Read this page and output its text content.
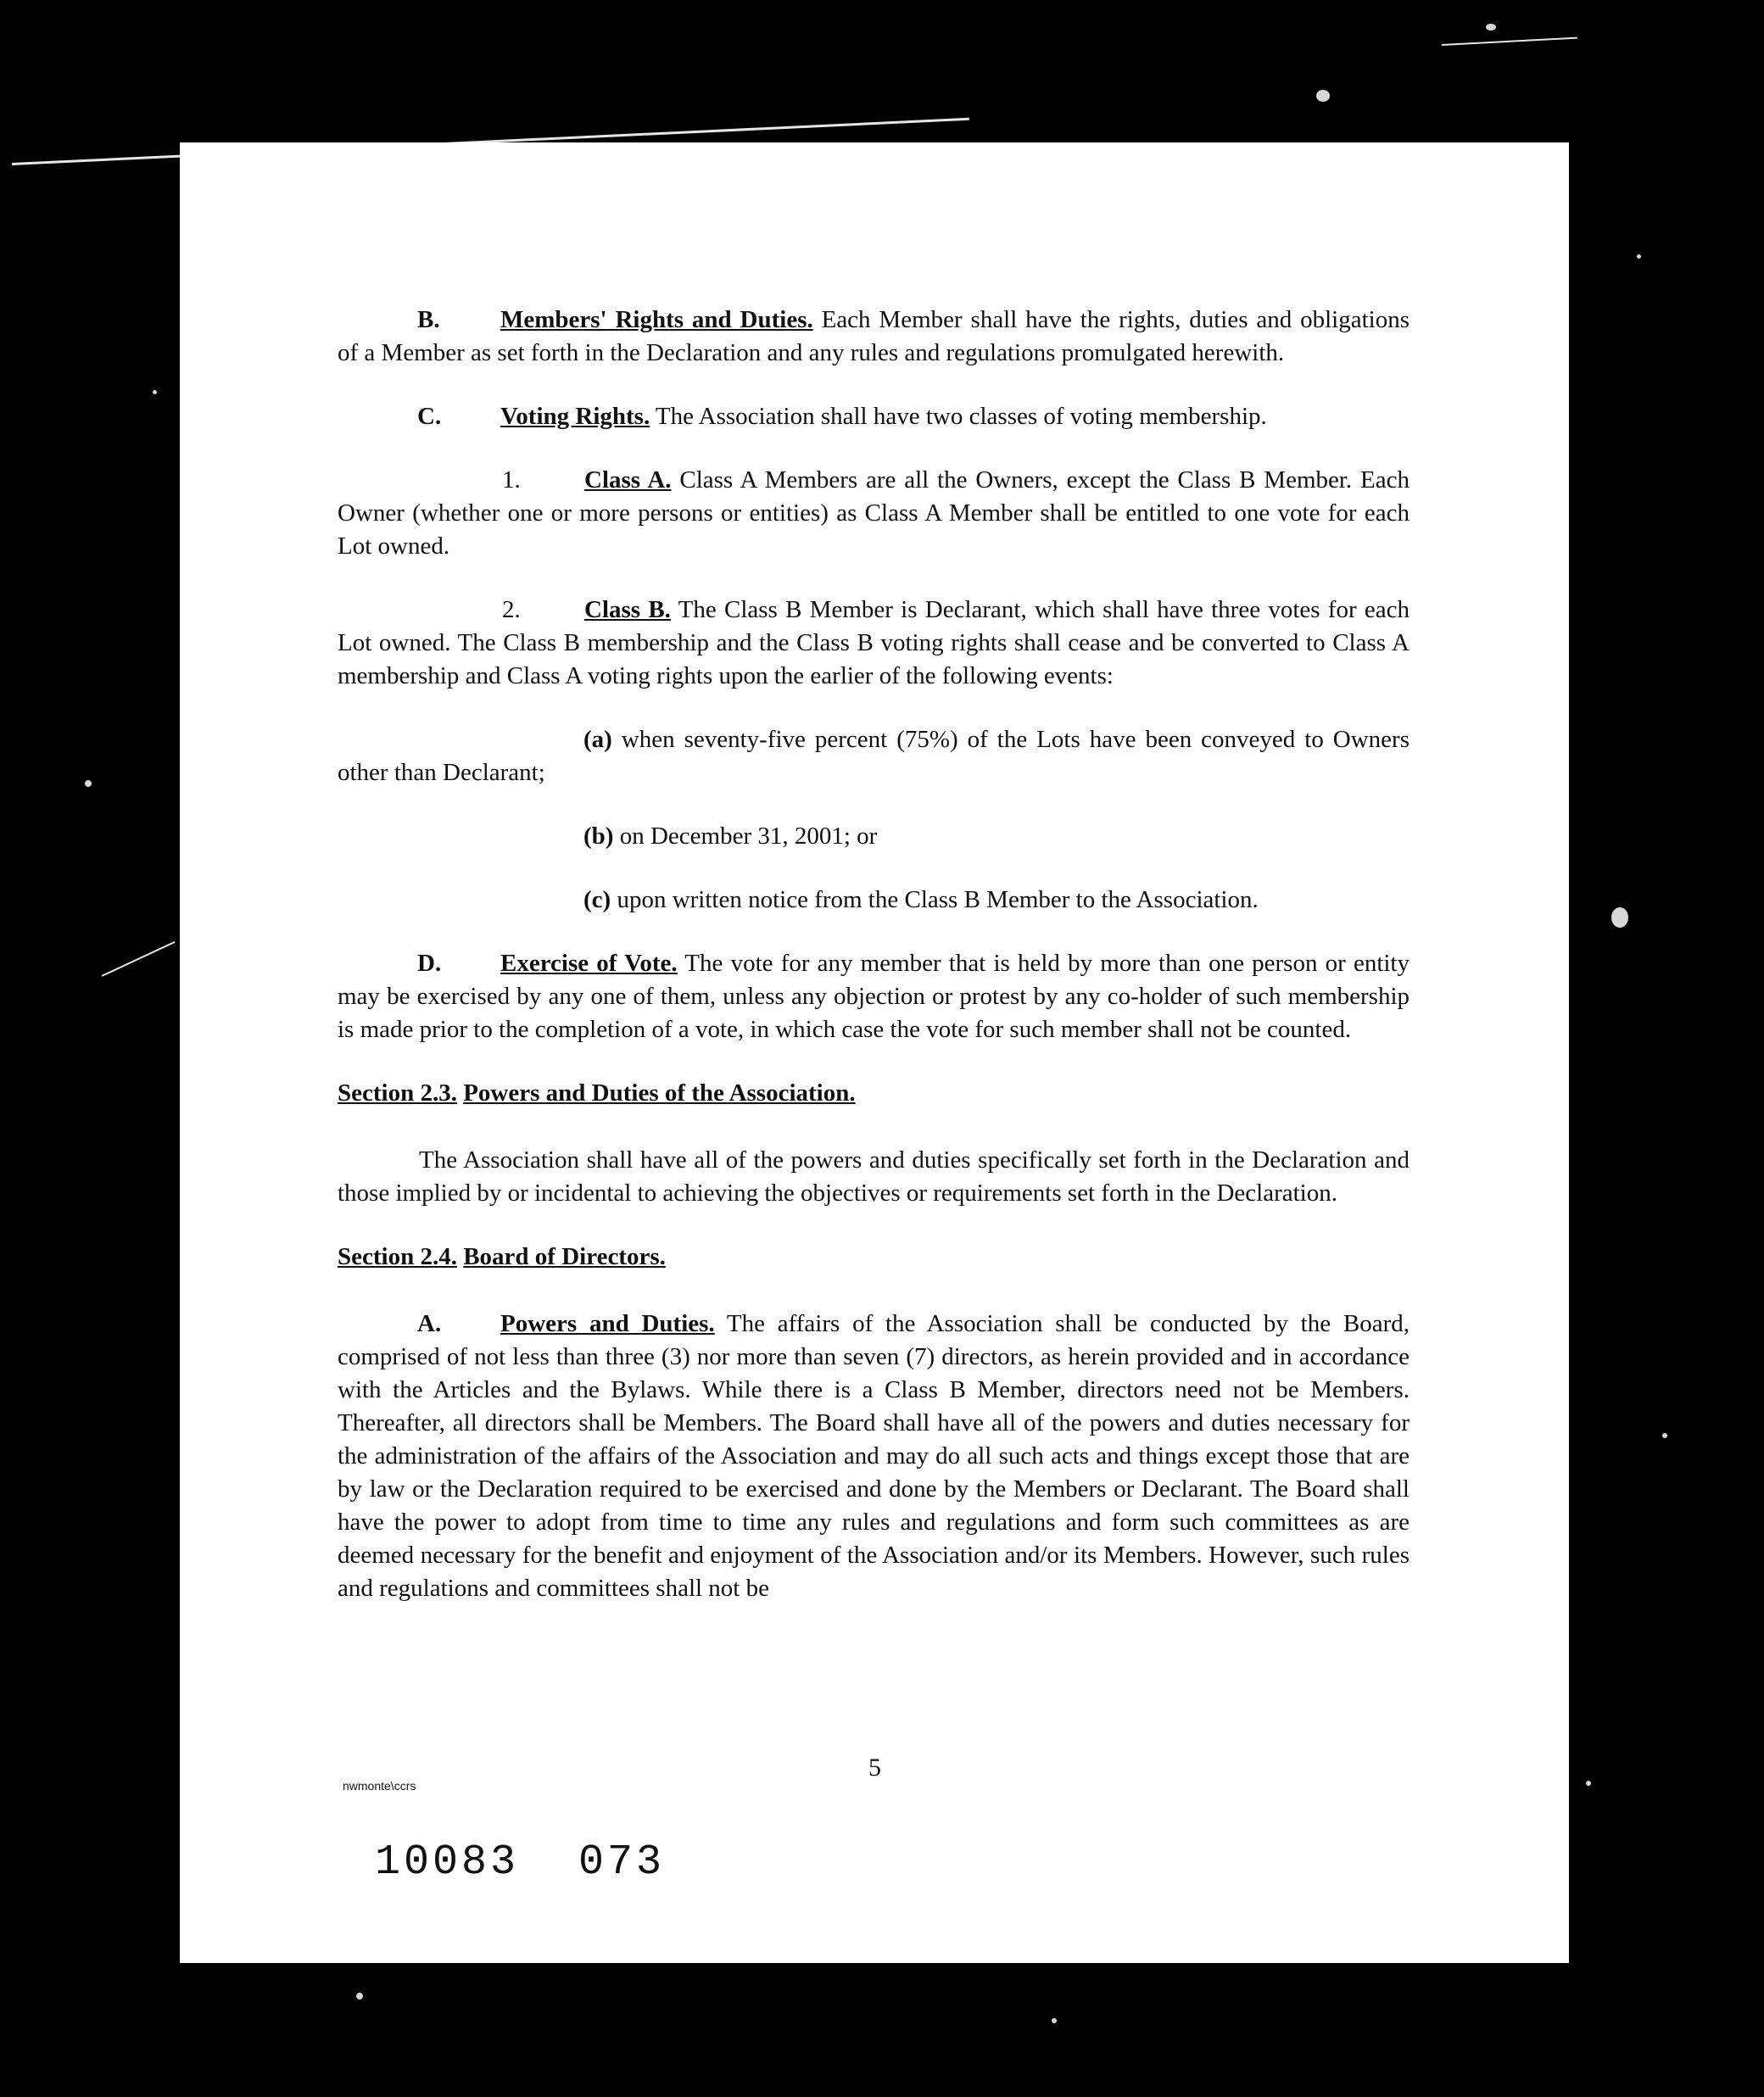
B. Members' Rights and Duties. Each Member shall have the rights, duties and obligations of a Member as set forth in the Declaration and any rules and regulations promulgated herewith.

C. Voting Rights. The Association shall have two classes of voting membership.

1.	Class A. Class A Members are all the Owners, except the Class B Member. Each Owner (whether one or more persons or entities) as Class A Member shall be entitled to one vote for each Lot owned.

2.	Class B. The Class B Member is Declarant, which shall have three votes for each Lot owned. The Class B membership and the Class B voting rights shall cease and be converted to Class A membership and Class A voting rights upon the earlier of the following events:

(a) when seventy-five percent (75%) of the Lots have been conveyed to Owners other than Declarant;

(b) on December 31, 2001; or

(c) upon written notice from the Class B Member to the Association.

D. Exercise of Vote. The vote for any member that is held by more than one person or entity may be exercised by any one of them, unless any objection or protest by any co-holder of such membership is made prior to the completion of a vote, in which case the vote for such member shall not be counted.

Section 2.3. Powers and Duties of the Association.

The Association shall have all of the powers and duties specifically set forth in the Declaration and those implied by or incidental to achieving the objectives or requirements set forth in the Declaration.

Section 2.4. Board of Directors.

A. Powers and Duties. The affairs of the Association shall be conducted by the Board, comprised of not less than three (3) nor more than seven (7) directors, as herein provided and in accordance with the Articles and the Bylaws. While there is a Class B Member, directors need not be Members. Thereafter, all directors shall be Members. The Board shall have all of the powers and duties necessary for the administration of the affairs of the Association and may do all such acts and things except those that are by law or the Declaration required to be exercised and done by the Members or Declarant. The Board shall have the power to adopt from time to time any rules and regulations and form such committees as are deemed necessary for the benefit and enjoyment of the Association and/or its Members. However, such rules and regulations and committees shall not be

nwmonte\ccrs
5
10083 073
